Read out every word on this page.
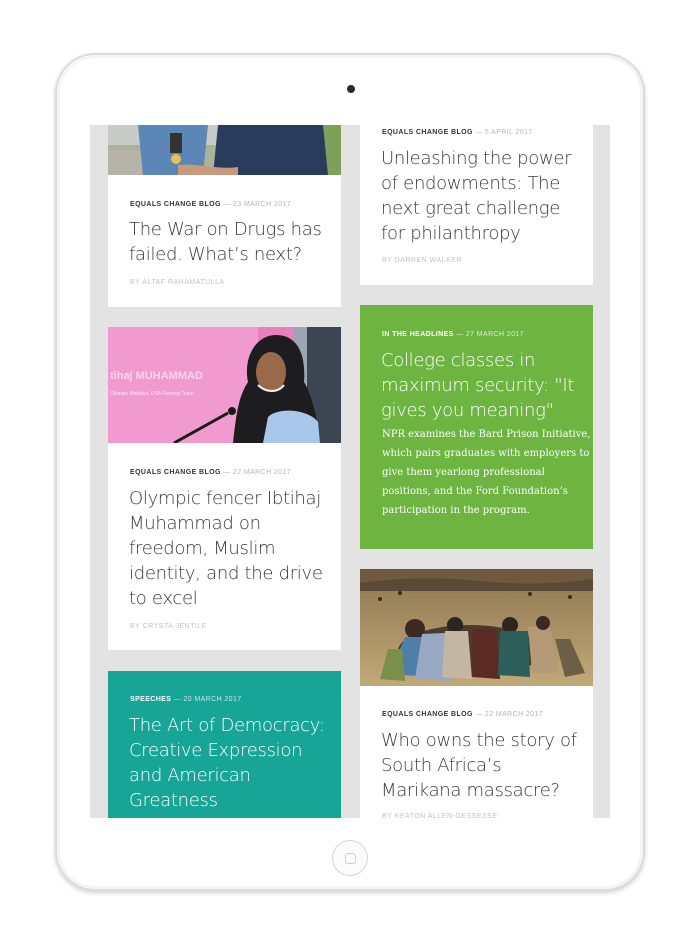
EQUALS CHANGE BLOG — 23 MARCH 2017
The War on Drugs has
failed. What’s next?
BY ALTAF RAHAMATULLA
EQUALS CHANGE BLOG — 5 APRIL 2017
Unleashing the power
of endowments: The
next great challenge
for philanthropy
BY DARREN WALKER
IN THE HEADLINES — 27 MARCH 2017
College classes in
maximum security: "It
gives you meaning"
NPR examines the Bard Prison Initiative,
which pairs graduates with employers to
give them yearlong professional
positions, and the Ford Foundation’s
participation in the program.
tihaj MUHAMMAD
Olympic Medalist, USA Fencing Team
EQUALS CHANGE BLOG — 22 MARCH 2017
Olympic fencer Ibtihaj
Muhammad on
freedom, Muslim
identity, and the drive
to excel
BY CRYSTA JENTILE
EQUALS CHANGE BLOG — 22 MARCH 2017
Who owns the story of
South Africa’s
Marikana massacre?
BY KEATON ALLEN-GESSESSE
SPEECHES — 20 MARCH 2017
The Art of Democracy:
Creative Expression
and American
Greatness
